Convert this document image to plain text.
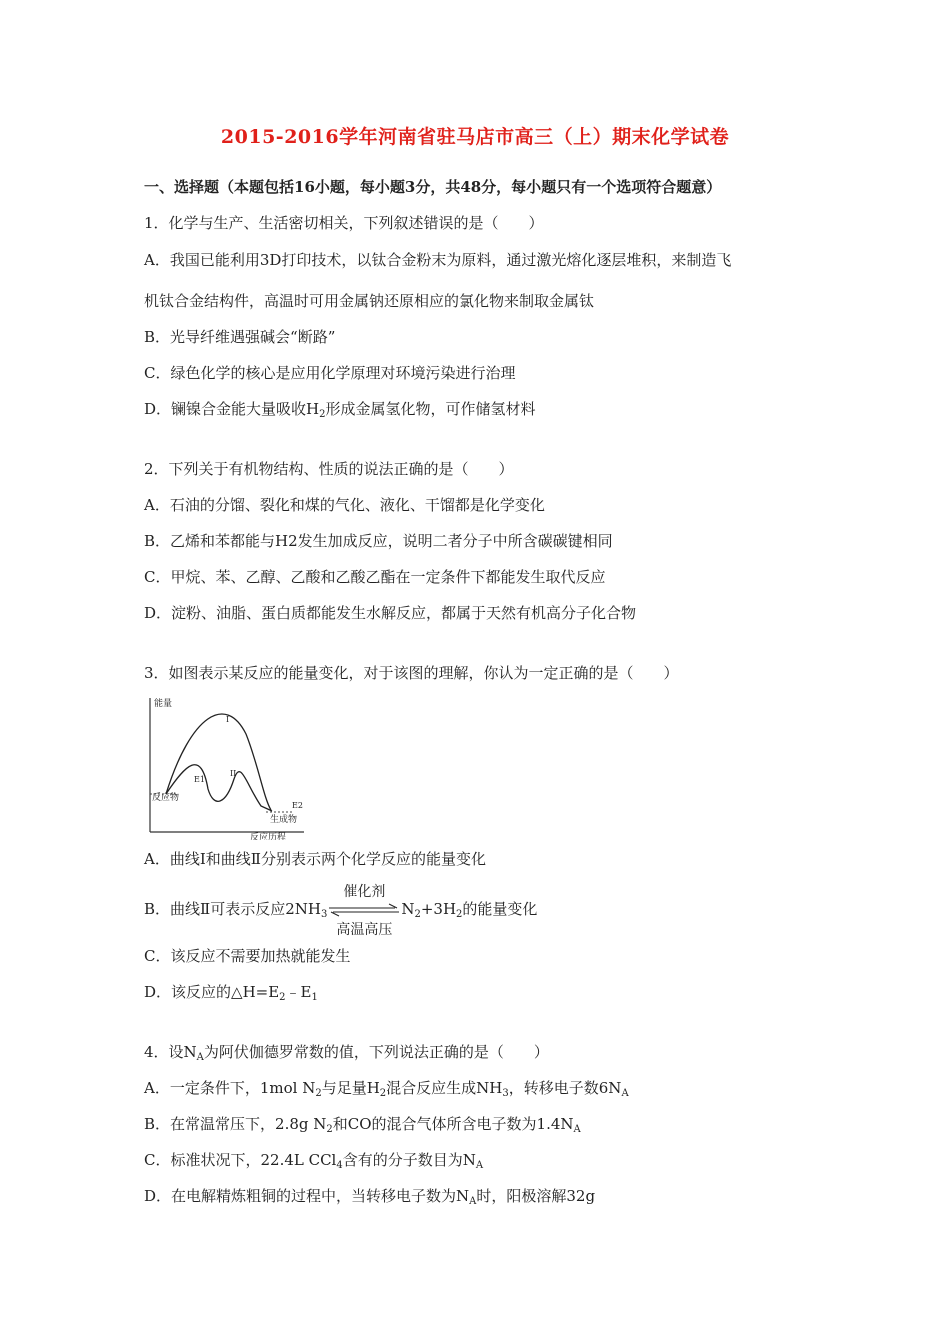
2015-2016学年河南省驻马店市高三（上）期末化学试卷
一、选择题（本题包括16小题，每小题3分，共48分，每小题只有一个选项符合题意）
1．化学与生产、生活密切相关，下列叙述错误的是（　　）
A．我国已能利用3D打印技术，以钛合金粉末为原料，通过激光熔化逐层堆积，来制造飞
机钛合金结构件，高温时可用金属钠还原相应的氯化物来制取金属钛
B．光导纤维遇强碱会“断路”
C．绿色化学的核心是应用化学原理对环境污染进行治理
D．镧镍合金能大量吸收$H_2$形成金属氢化物，可作储氢材料
2．下列关于有机物结构、性质的说法正确的是（　　）
A．石油的分馏、裂化和煤的气化、液化、干馏都是化学变化
B．乙烯和苯都能与H2发生加成反应，说明二者分子中所含碳碳键相同
C．甲烷、苯、乙醇、乙酸和乙酸乙酯在一定条件下都能发生取代反应
D．淀粉、油脂、蛋白质都能发生水解反应，都属于天然有机高分子化合物
3．如图表示某反应的能量变化，对于该图的理解，你认为一定正确的是（　　）
能量
I
II
E1
E2
反应物
生成物
反应历程
A．曲线Ⅰ和曲线Ⅱ分别表示两个化学反应的能量变化
B．曲线Ⅱ可表示反应$2NH_3$
催化剂
高温高压
$N_2+3H_2$的能量变化
C．该反应不需要加热就能发生
D．该反应的$\triangle H=E_2﹣E_1$
4．设$N_A$为阿伏伽德罗常数的值，下列说法正确的是（　　）
A．一定条件下，1mol $N_2$与足量$H_2$混合反应生成$NH_3$，转移电子数$6N_A$
B．在常温常压下，2.8g $N_2$和CO的混合气体所含电子数为$1.4N_A$
C．标准状况下，22.4L CCl$_4$含有的分子数目为$N_A$
D．在电解精炼粗铜的过程中，当转移电子数为$N_A$时，阳极溶解32g
